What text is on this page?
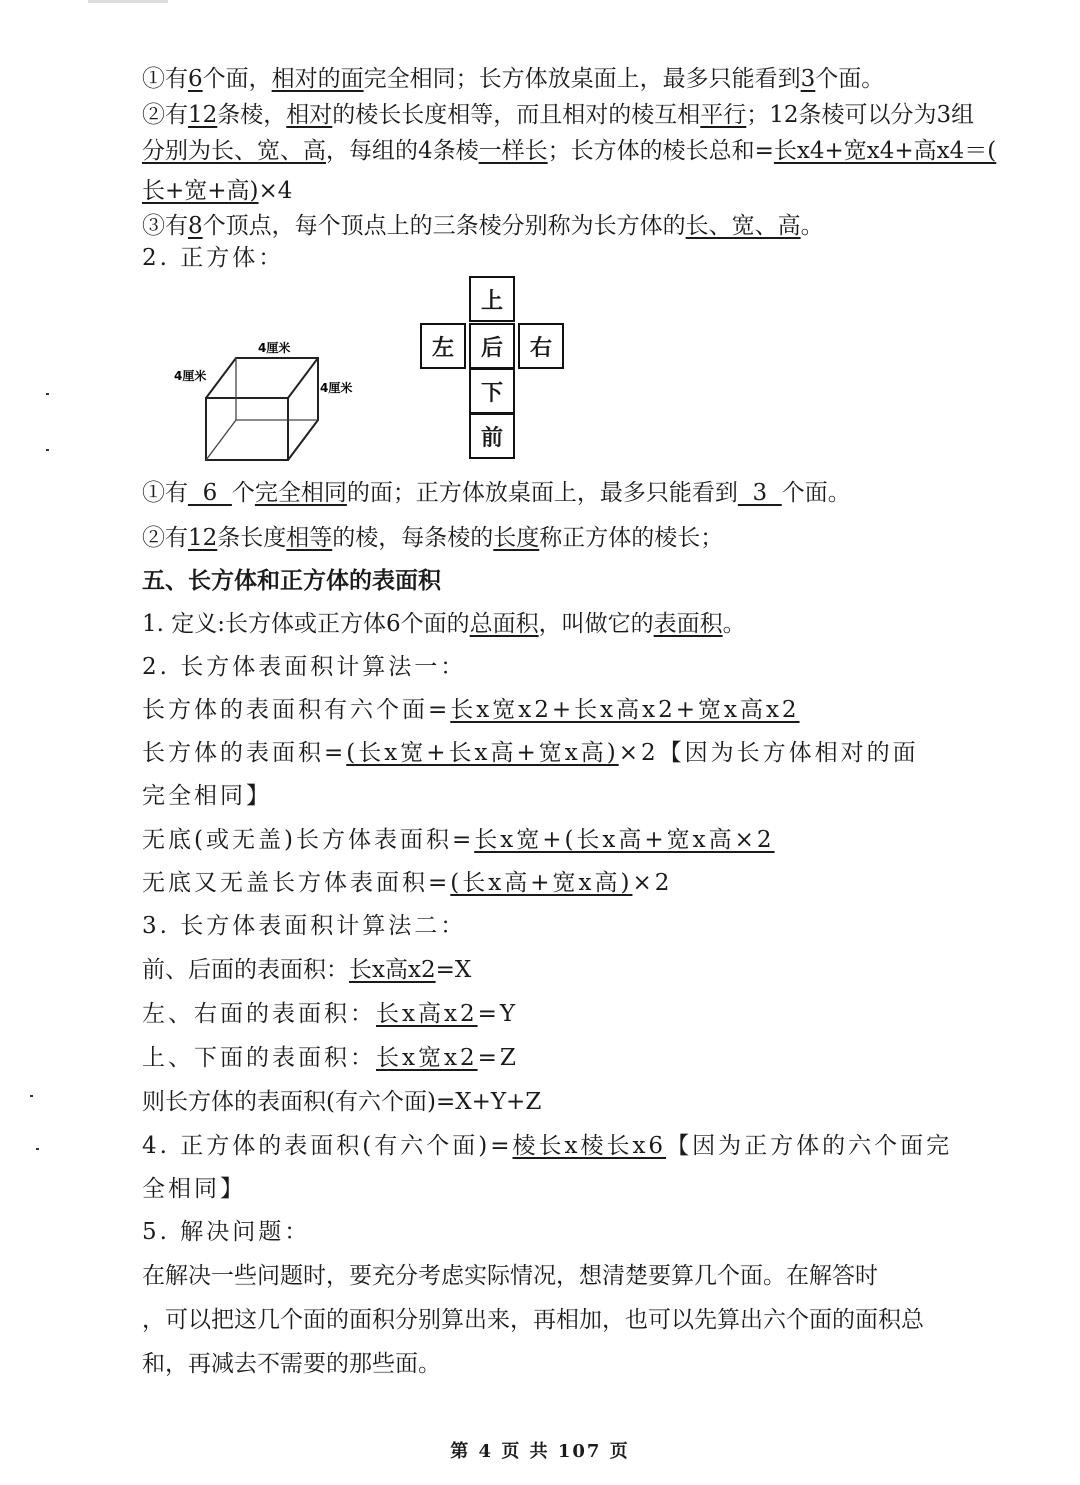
①有6个面，相对的面完全相同；长方体放桌面上，最多只能看到3个面。
②有12条棱，相对的棱长长度相等，而且相对的棱互相平行；12条棱可以分为3组
分别为长、宽、高，每组的4条棱一样长；长方体的棱长总和=长x4+宽x4+高x4＝(
长+宽+高)×4
③有8个顶点，每个顶点上的三条棱分别称为长方体的长、宽、高。
2. 正方体：
4厘米
4厘米
4厘米
上
左	后	右
下
前
①有  6  个完全相同的面；正方体放桌面上，最多只能看到  3  个面。
②有12条长度相等的棱，每条棱的长度称正方体的棱长；
五、长方体和正方体的表面积
1. 定义:长方体或正方体6个面的总面积，叫做它的表面积。
2. 长方体表面积计算法一：
长方体的表面积有六个面=长x宽x2+长x高x2+宽x高x2
长方体的表面积=(长x宽+长x高+宽x高)×2【因为长方体相对的面
完全相同】
无底(或无盖)长方体表面积=长x宽+(长x高+宽x高×2
无底又无盖长方体表面积=(长x高+宽x高)×2
3. 长方体表面积计算法二：
前、后面的表面积：长x高x2=X
左、右面的表面积：长x高x2=Y
上、下面的表面积：长x宽x2=Z
则长方体的表面积(有六个面)=X+Y+Z
4. 正方体的表面积(有六个面)=棱长x棱长x6【因为正方体的六个面完
全相同】
5. 解决问题：
在解决一些问题时，要充分考虑实际情况，想清楚要算几个面。在解答时
，可以把这几个面的面积分别算出来，再相加，也可以先算出六个面的面积总
和，再减去不需要的那些面。
第 4 页 共 107 页
